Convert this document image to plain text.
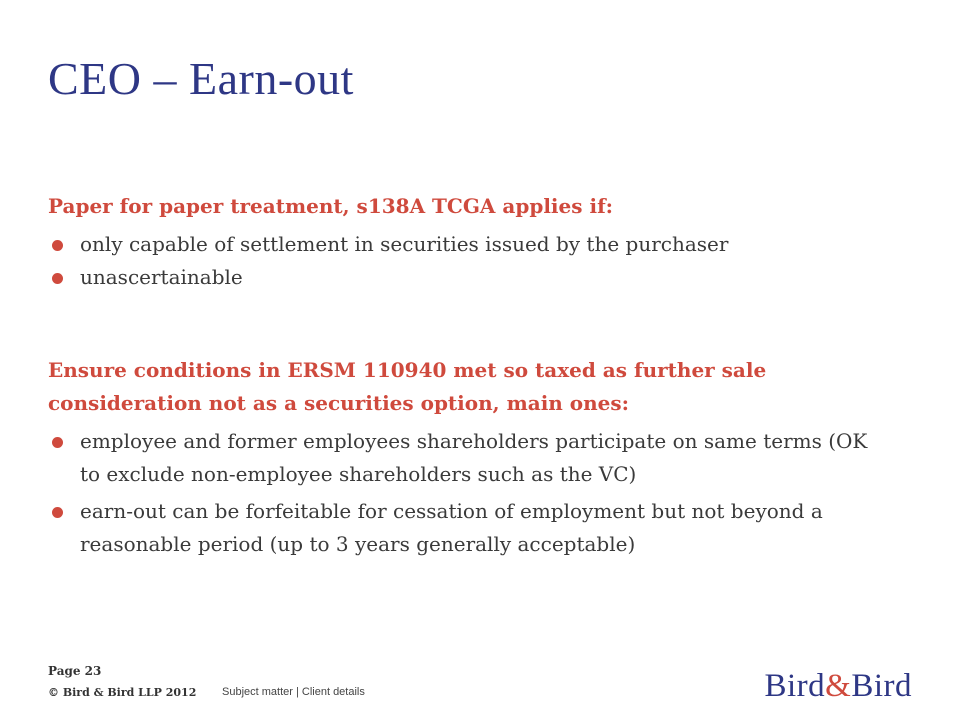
CEO – Earn-out

Paper for paper treatment, s138A TCGA applies if:

only capable of settlement in securities issued by the purchaser
unascertainable

Ensure conditions in ERSM 110940 met so taxed as further sale consideration not as a securities option, main ones:

employee and former employees shareholders participate on same terms (OK to exclude non-employee shareholders such as the VC)
earn-out can be forfeitable for cessation of employment but not beyond a reasonable period (up to 3 years generally acceptable)
Page 23
© Bird & Bird LLP 2012 Subject matter | Client details	Bird&Bird
